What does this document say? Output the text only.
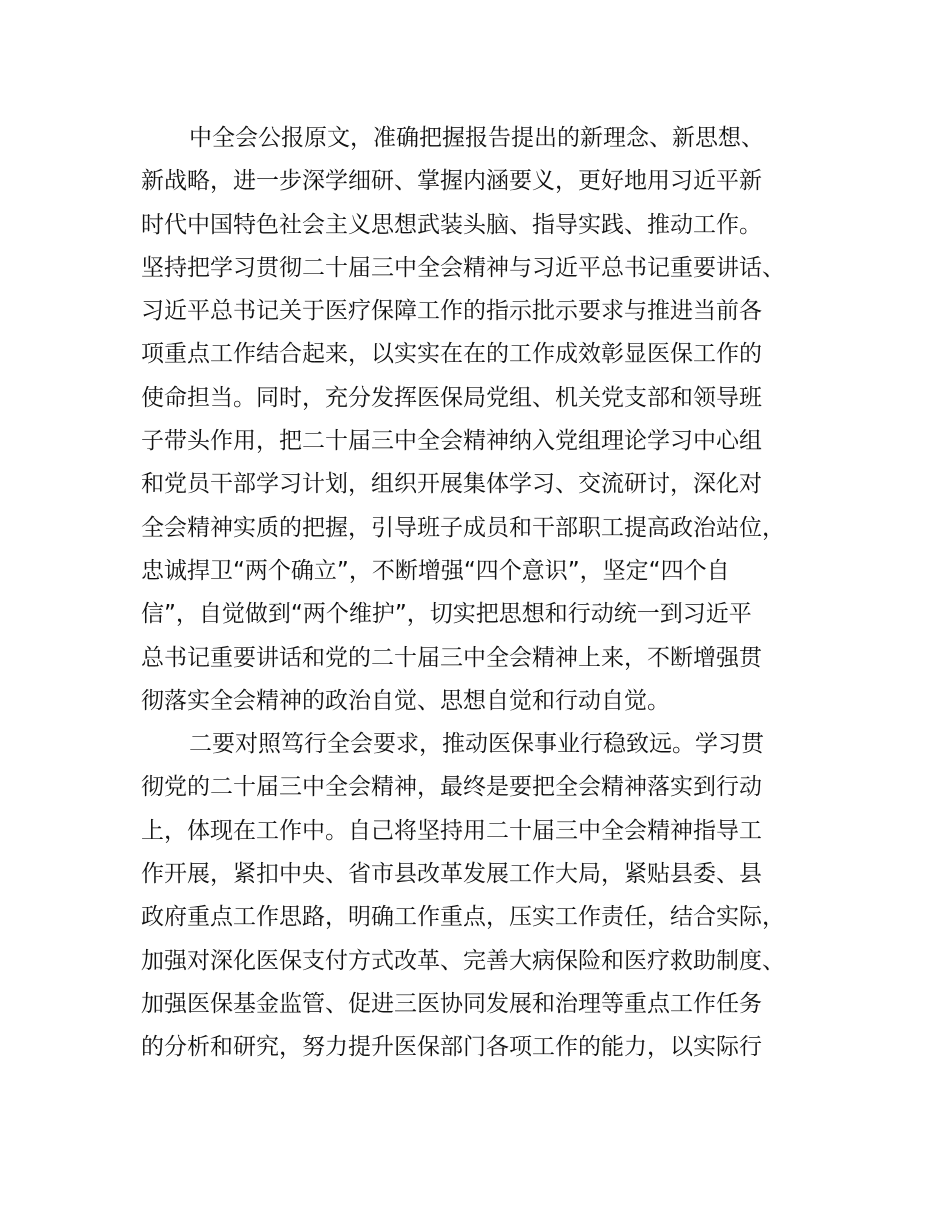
中全会公报原文，准确把握报告提出的新理念、新思想、
新战略，进一步深学细研、掌握内涵要义，更好地用习近平新
时代中国特色社会主义思想武装头脑、指导实践、推动工作。
坚持把学习贯彻二十届三中全会精神与习近平总书记重要讲话、
习近平总书记关于医疗保障工作的指示批示要求与推进当前各
项重点工作结合起来，以实实在在的工作成效彰显医保工作的
使命担当。同时，充分发挥医保局党组、机关党支部和领导班
子带头作用，把二十届三中全会精神纳入党组理论学习中心组
和党员干部学习计划，组织开展集体学习、交流研讨，深化对
全会精神实质的把握，引导班子成员和干部职工提高政治站位，
忠诚捍卫“两个确立”，不断增强“四个意识”，坚定“四个自
信”，自觉做到“两个维护”，切实把思想和行动统一到习近平
总书记重要讲话和党的二十届三中全会精神上来，不断增强贯
彻落实全会精神的政治自觉、思想自觉和行动自觉。
二要对照笃行全会要求，推动医保事业行稳致远。学习贯
彻党的二十届三中全会精神，最终是要把全会精神落实到行动
上，体现在工作中。自己将坚持用二十届三中全会精神指导工
作开展，紧扣中央、省市县改革发展工作大局，紧贴县委、县
政府重点工作思路，明确工作重点，压实工作责任，结合实际，
加强对深化医保支付方式改革、完善大病保险和医疗救助制度、
加强医保基金监管、促进三医协同发展和治理等重点工作任务
的分析和研究，努力提升医保部门各项工作的能力，以实际行
